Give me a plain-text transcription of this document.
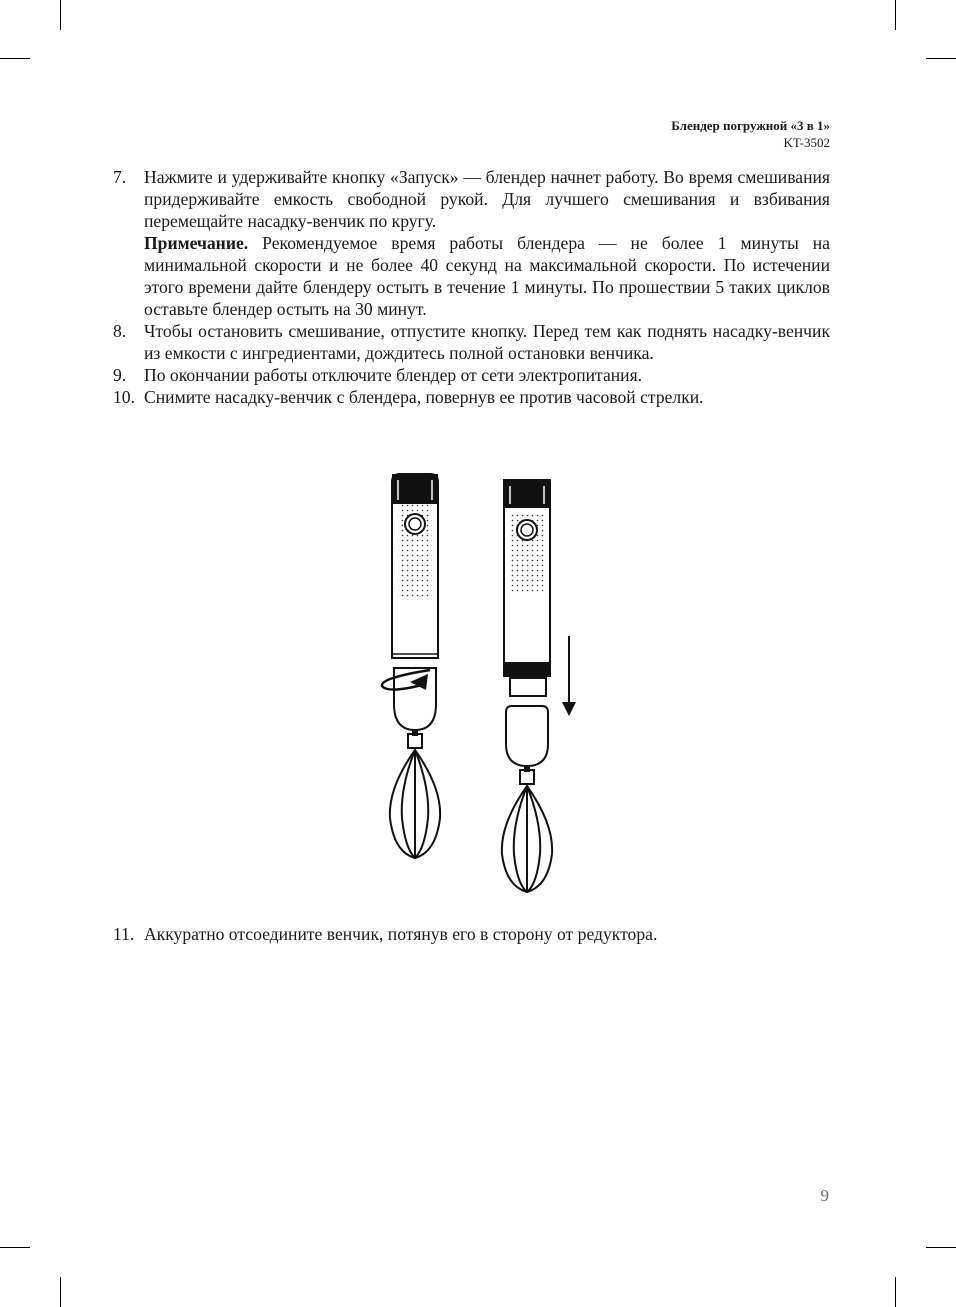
Блендер погружной «3 в 1»
KT-3502
7.	Нажмите и удерживайте кнопку «Запуск» — блендер начнет работу. Во время смешивания придерживайте емкость свободной рукой. Для лучшего смешивания и взбивания перемещайте насадку-венчик по кругу.
Примечание. Рекомендуемое время работы блендера — не более 1 минуты на минимальной скорости и не более 40 секунд на максимальной скорости. По истечении этого времени дайте блендеру остыть в течение 1 минуты. По прошествии 5 таких циклов оставьте блендер остыть на 30 минут.
8.	Чтобы остановить смешивание, отпустите кнопку. Перед тем как поднять насадку-венчик из емкости с ингредиентами, дождитесь полной остановки венчика.
9.	По окончании работы отключите блендер от сети электропитания.
10. Снимите насадку-венчик с блендера, повернув ее против часовой стрелки.
11. Аккуратно отсоедините венчик, потянув его в сторону от редуктора.
9
